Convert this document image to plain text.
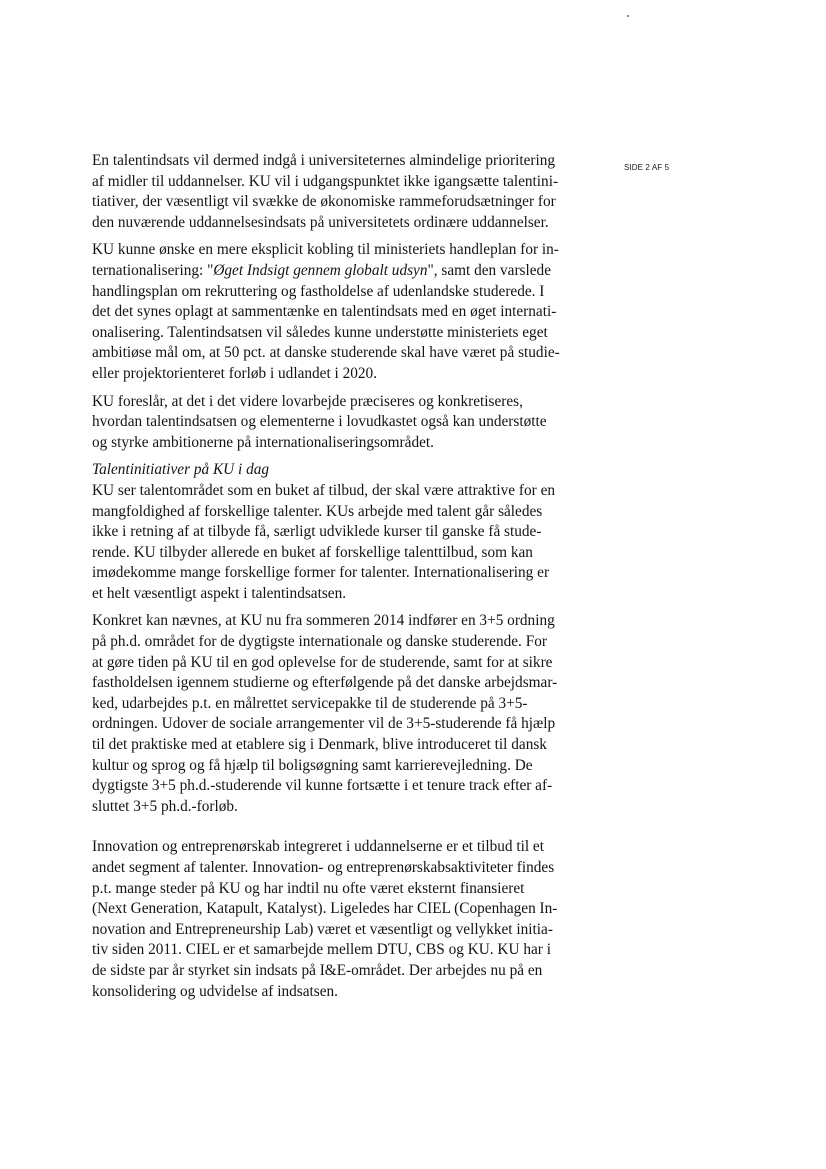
SIDE 2 AF 5
En talentindsats vil dermed indgå i universiteternes almindelige prioritering
af midler til uddannelser. KU vil i udgangspunktet ikke igangsætte talentini-
tiativer, der væsentligt vil svække de økonomiske rammeforudsætninger for
den nuværende uddannelsesindsats på universitetets ordinære uddannelser.
KU kunne ønske en mere eksplicit kobling til ministeriets handleplan for in-
ternationalisering: "Øget Indsigt gennem globalt udsyn", samt den varslede
handlingsplan om rekruttering og fastholdelse af udenlandske studerede. I
det det synes oplagt at sammentænke en talentindsats med en øget internati-
onalisering. Talentindsatsen vil således kunne understøtte ministeriets eget
ambitiøse mål om, at 50 pct. at danske studerende skal have været på studie-
eller projektorienteret forløb i udlandet i 2020.
KU foreslår, at det i det videre lovarbejde præciseres og konkretiseres,
hvordan talentindsatsen og elementerne i lovudkastet også kan understøtte
og styrke ambitionerne på internationaliseringsområdet.
Talentinitiativer på KU i dag
KU ser talentområdet som en buket af tilbud, der skal være attraktive for en
mangfoldighed af forskellige talenter. KUs arbejde med talent går således
ikke i retning af at tilbyde få, særligt udviklede kurser til ganske få stude-
rende. KU tilbyder allerede en buket af forskellige talenttilbud, som kan
imødekomme mange forskellige former for talenter. Internationalisering er
et helt væsentligt aspekt i talentindsatsen.
Konkret kan nævnes, at KU nu fra sommeren 2014 indfører en 3+5 ordning
på ph.d. området for de dygtigste internationale og danske studerende. For
at gøre tiden på KU til en god oplevelse for de studerende, samt for at sikre
fastholdelsen igennem studierne og efterfølgende på det danske arbejdsmar-
ked, udarbejdes p.t. en målrettet servicepakke til de studerende på 3+5-
ordningen. Udover de sociale arrangementer vil de 3+5-studerende få hjælp
til det praktiske med at etablere sig i Denmark, blive introduceret til dansk
kultur og sprog og få hjælp til boligsøgning samt karrierevejledning. De
dygtigste 3+5 ph.d.-studerende vil kunne fortsætte i et tenure track efter af-
sluttet 3+5 ph.d.-forløb.
Innovation og entreprenørskab integreret i uddannelserne er et tilbud til et
andet segment af talenter. Innovation- og entreprenørskabsaktiviteter findes
p.t. mange steder på KU og har indtil nu ofte været eksternt finansieret
(Next Generation, Katapult, Katalyst). Ligeledes har CIEL (Copenhagen In-
novation and Entrepreneurship Lab) været et væsentligt og vellykket initia-
tiv siden 2011. CIEL er et samarbejde mellem DTU, CBS og KU. KU har i
de sidste par år styrket sin indsats på I&E-området. Der arbejdes nu på en
konsolidering og udvidelse af indsatsen.
